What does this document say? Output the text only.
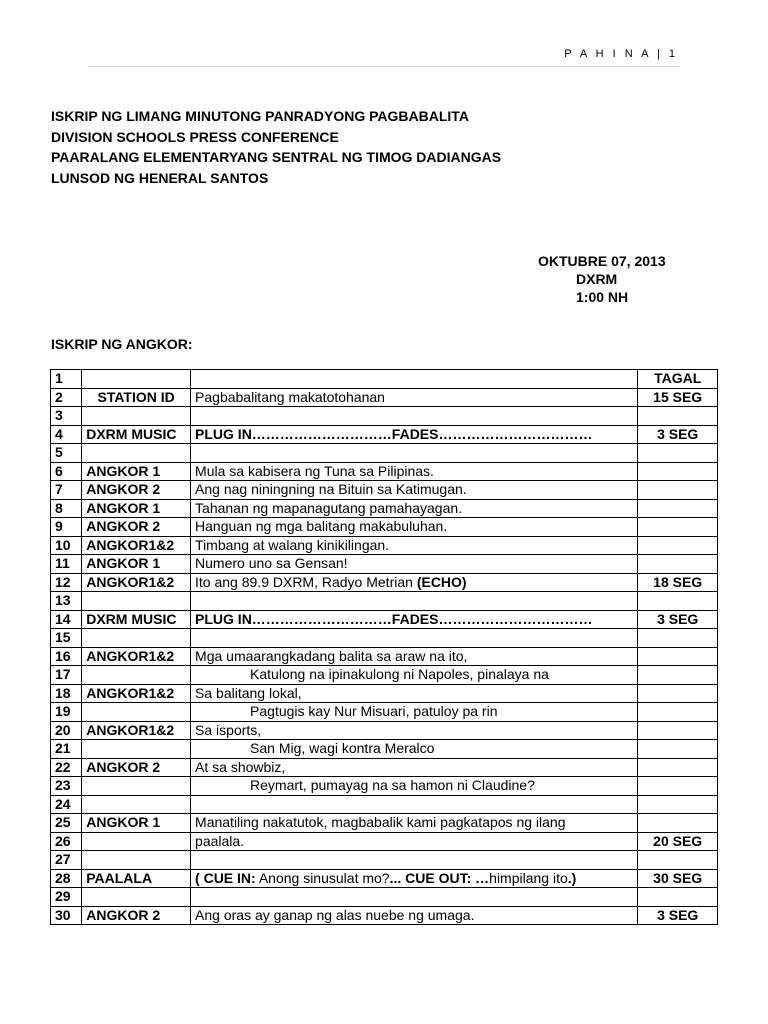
P A H I N A | 1
ISKRIP NG LIMANG MINUTONG PANRADYONG PAGBABALITA
DIVISION SCHOOLS PRESS CONFERENCE
PAARALANG ELEMENTARYANG SENTRAL NG TIMOG DADIANGAS
LUNSOD NG HENERAL SANTOS
OKTUBRE 07, 2013
DXRM
1:00 NH
ISKRIP NG ANGKOR:
1			TAGAL
2	STATION ID	Pagbabalitang makatotohanan	15 SEG
3			
4	DXRM MUSIC	PLUG IN…………………………FADES……………………………	3 SEG
5			
6	ANGKOR 1	Mula sa kabisera ng Tuna sa Pilipinas.	
7	ANGKOR 2	Ang nag niningning na Bituin sa Katimugan.	
8	ANGKOR 1	Tahanan ng mapanagutang pamahayagan.	
9	ANGKOR 2	Hanguan ng mga balitang makabuluhan.	
10	ANGKOR1&2	Timbang at walang kinikilingan.	
11	ANGKOR 1	Numero uno sa Gensan!	
12	ANGKOR1&2	Ito ang 89.9 DXRM, Radyo Metrian (ECHO)	18 SEG
13			
14	DXRM MUSIC	PLUG IN…………………………FADES……………………………	3 SEG
15			
16	ANGKOR1&2	Mga umaarangkadang balita sa araw na ito,	
17		Katulong na ipinakulong ni Napoles, pinalaya na	
18	ANGKOR1&2	Sa balitang lokal,	
19		Pagtugis kay Nur Misuari, patuloy pa rin	
20	ANGKOR1&2	Sa isports,	
21		San Mig, wagi kontra Meralco	
22	ANGKOR 2	At sa showbiz,	
23		Reymart, pumayag na sa hamon ni Claudine?	
24			
25	ANGKOR 1	Manatiling nakatutok, magbabalik kami pagkatapos ng ilang	
26		paalala.	20 SEG
27			
28	PAALALA	( CUE IN: Anong sinusulat mo?... CUE OUT: …himpilang ito.)	30 SEG
29			
30	ANGKOR 2	Ang oras ay ganap ng alas nuebe ng umaga.	3 SEG
